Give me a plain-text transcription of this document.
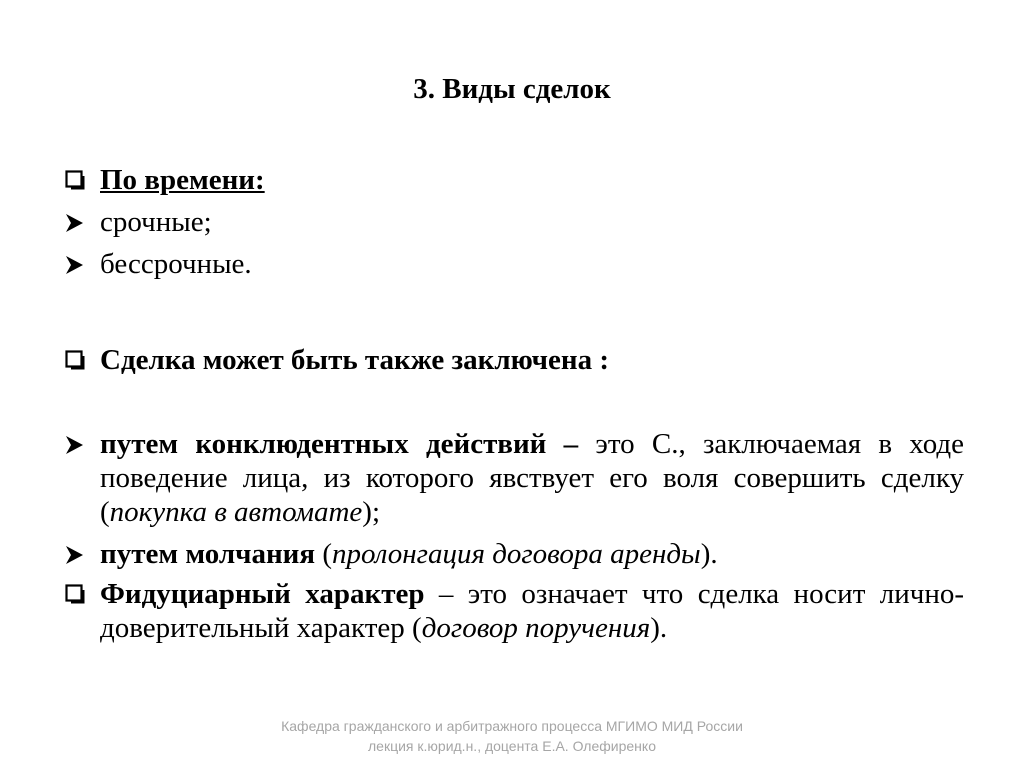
3. Виды сделок
По времени:
срочные;
бессрочные.
Сделка может быть также заключена :
путем конклюдентных действий – это С., заключаемая в ходе поведение лица, из которого явствует его воля совершить сделку (покупка в автомате);
путем молчания (пролонгация договора аренды).
Фидуциарный характер – это означает что сделка носит лично-доверительный характер (договор поручения).
Кафедра гражданского и арбитражного процесса МГИМО МИД России
лекция к.юрид.н., доцента Е.А. Олефиренко
